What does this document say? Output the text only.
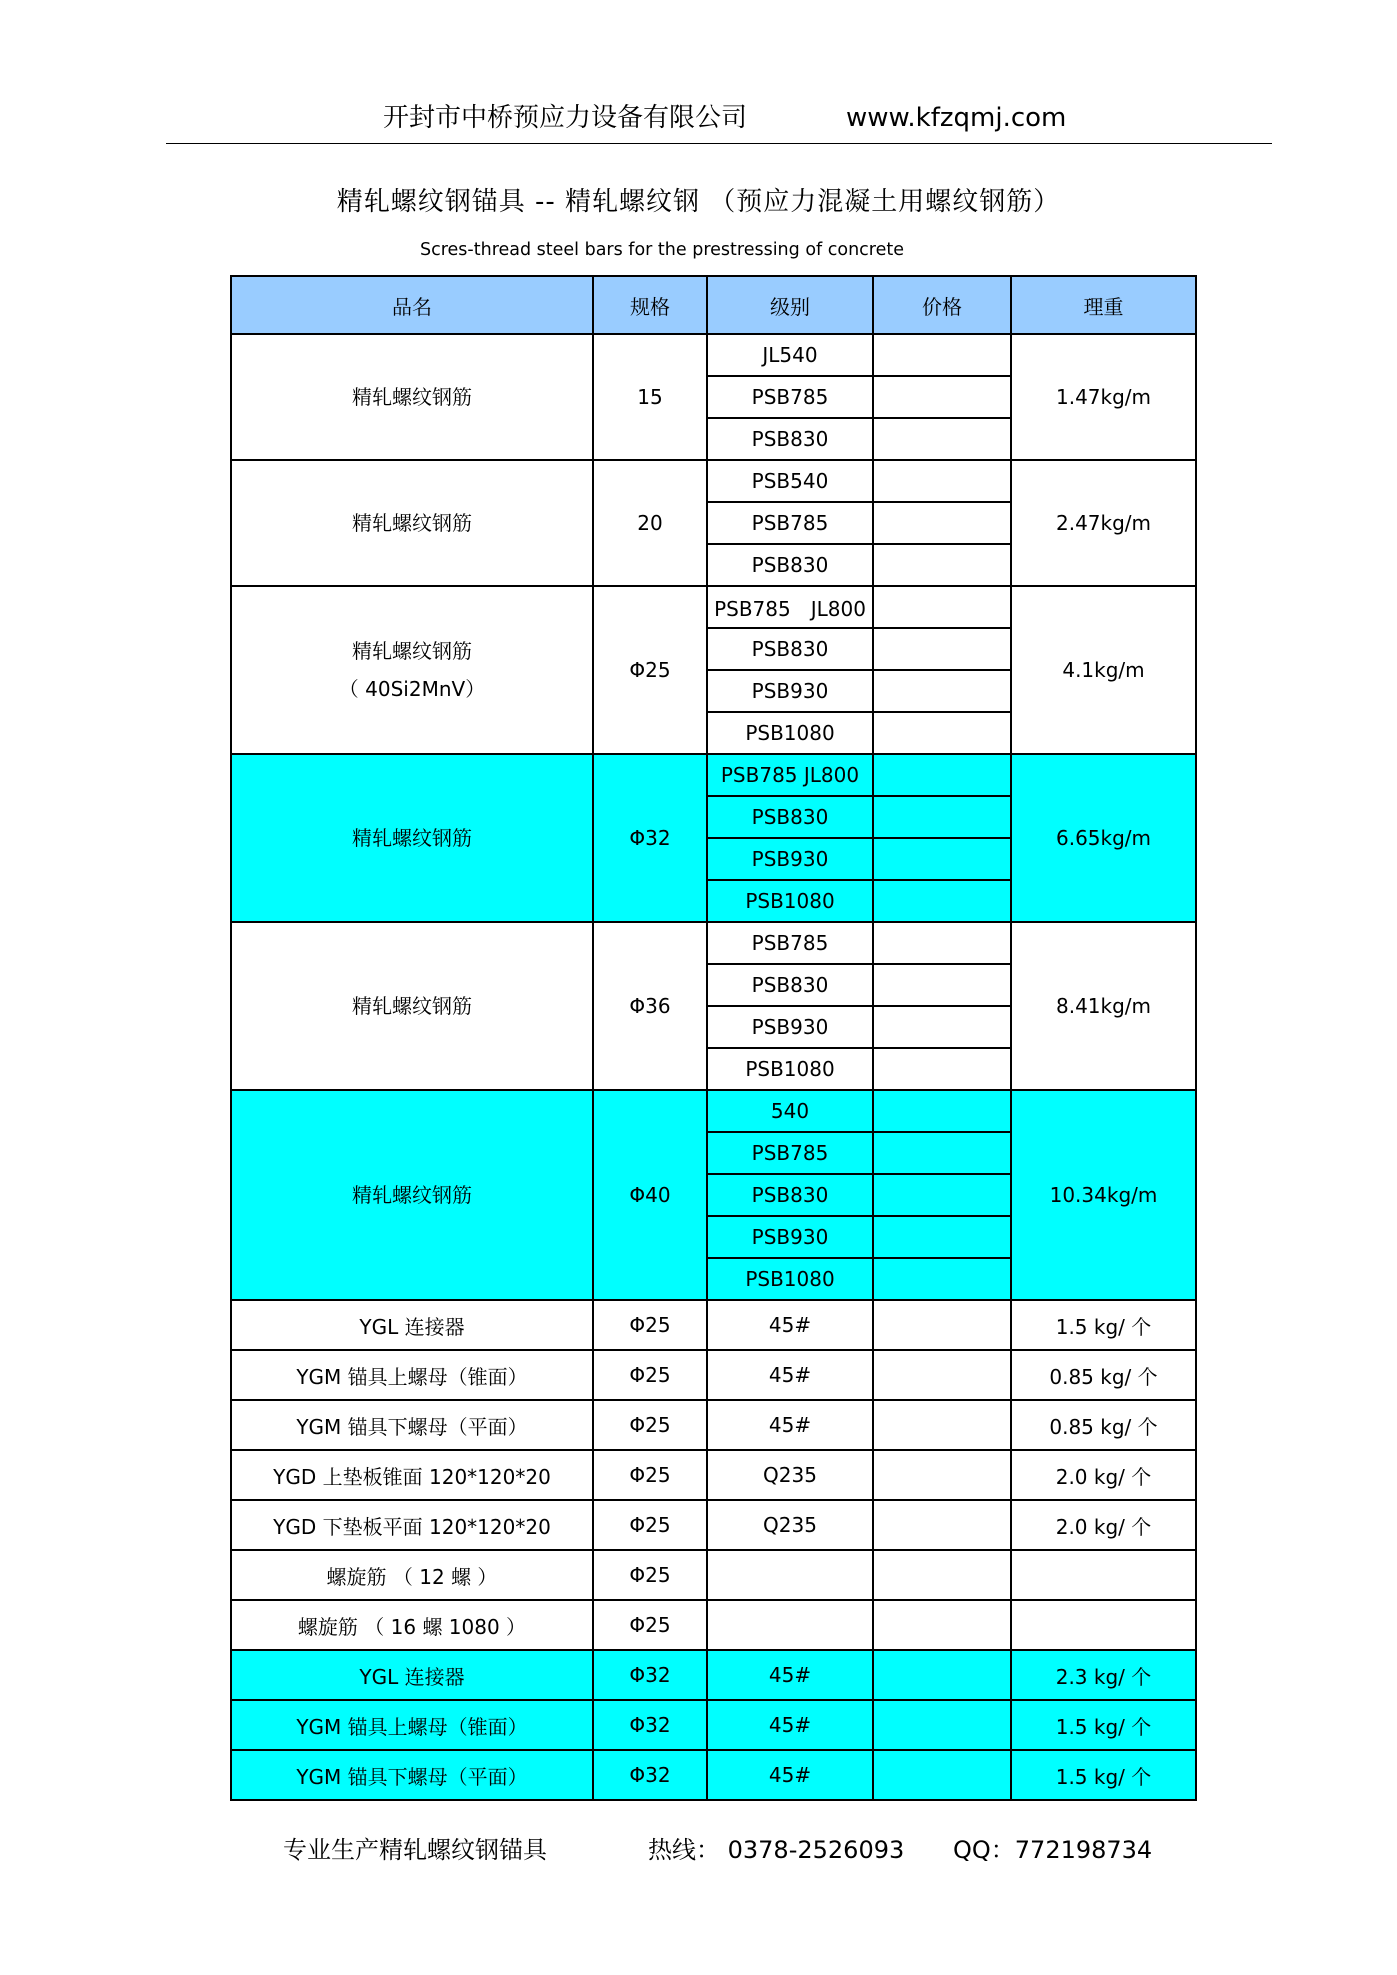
开封市中桥预应力设备有限公司	www.kfzqmj.com
精轧螺纹钢锚具 -- 精轧螺纹钢 （预应力混凝土用螺纹钢筋）
Scres-thread steel bars for the prestressing of concrete
品名	规格	级别	价格	理重

精轧螺纹钢筋	15	JL540		1.47kg/m
		PSB785		
		PSB830		

精轧螺纹钢筋	20	PSB540		2.47kg/m
		PSB785		
		PSB830		

精轧螺纹钢筋
（ 40Si2MnV）	Φ25	PSB785　JL800		4.1kg/m
		PSB830		
		PSB930		
		PSB1080		

精轧螺纹钢筋	Φ32	PSB785 JL800		6.65kg/m
		PSB830		
		PSB930		
		PSB1080		

精轧螺纹钢筋	Φ36	PSB785		8.41kg/m
		PSB830		
		PSB930		
		PSB1080		

精轧螺纹钢筋	Φ40	540		10.34kg/m
		PSB785		
		PSB830		
		PSB930		
		PSB1080		
YGL 连接器	Φ25	45#		1.5 kg/ 个
YGM 锚具上螺母（锥面）	Φ25	45#		0.85 kg/ 个
YGM 锚具下螺母（平面）	Φ25	45#		0.85 kg/ 个
YGD 上垫板锥面 120*120*20	Φ25	Q235		2.0 kg/ 个
YGD 下垫板平面 120*120*20	Φ25	Q235		2.0 kg/ 个
螺旋筋 （ 12 螺 ）	Φ25			
螺旋筋 （ 16 螺 1080 ）	Φ25			
YGL 连接器	Φ32	45#		2.3 kg/ 个
YGM 锚具上螺母（锥面）	Φ32	45#		1.5 kg/ 个
YGM 锚具下螺母（平面）	Φ32	45#		1.5 kg/ 个
专业生产精轧螺纹钢锚具	热线： 0378-2526093 QQ：772198734
